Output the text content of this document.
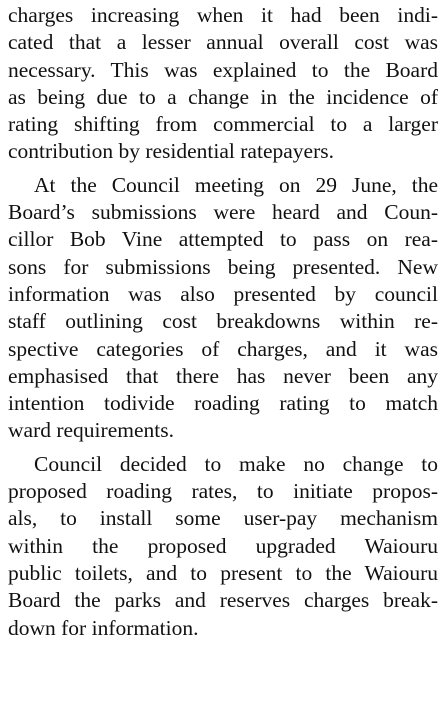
charges increasing when it had been indi-
cated that a lesser annual overall cost was
necessary. This was explained to the Board
as being due to a change in the incidence of
rating shifting from commercial to a larger
contribution by residential ratepayers.
At the Council meeting on 29 June, the
Board’s submissions were heard and Coun-
cillor Bob Vine attempted to pass on rea-
sons for submissions being presented. New
information was also presented by council
staff outlining cost breakdowns within re-
spective categories of charges, and it was
emphasised that there has never been any
intention todivide roading rating to match
ward requirements.
Council decided to make no change to
proposed roading rates, to initiate propos-
als, to install some user-pay mechanism
within the proposed upgraded Waiouru
public toilets, and to present to the Waiouru
Board the parks and reserves charges break-
down for information.
